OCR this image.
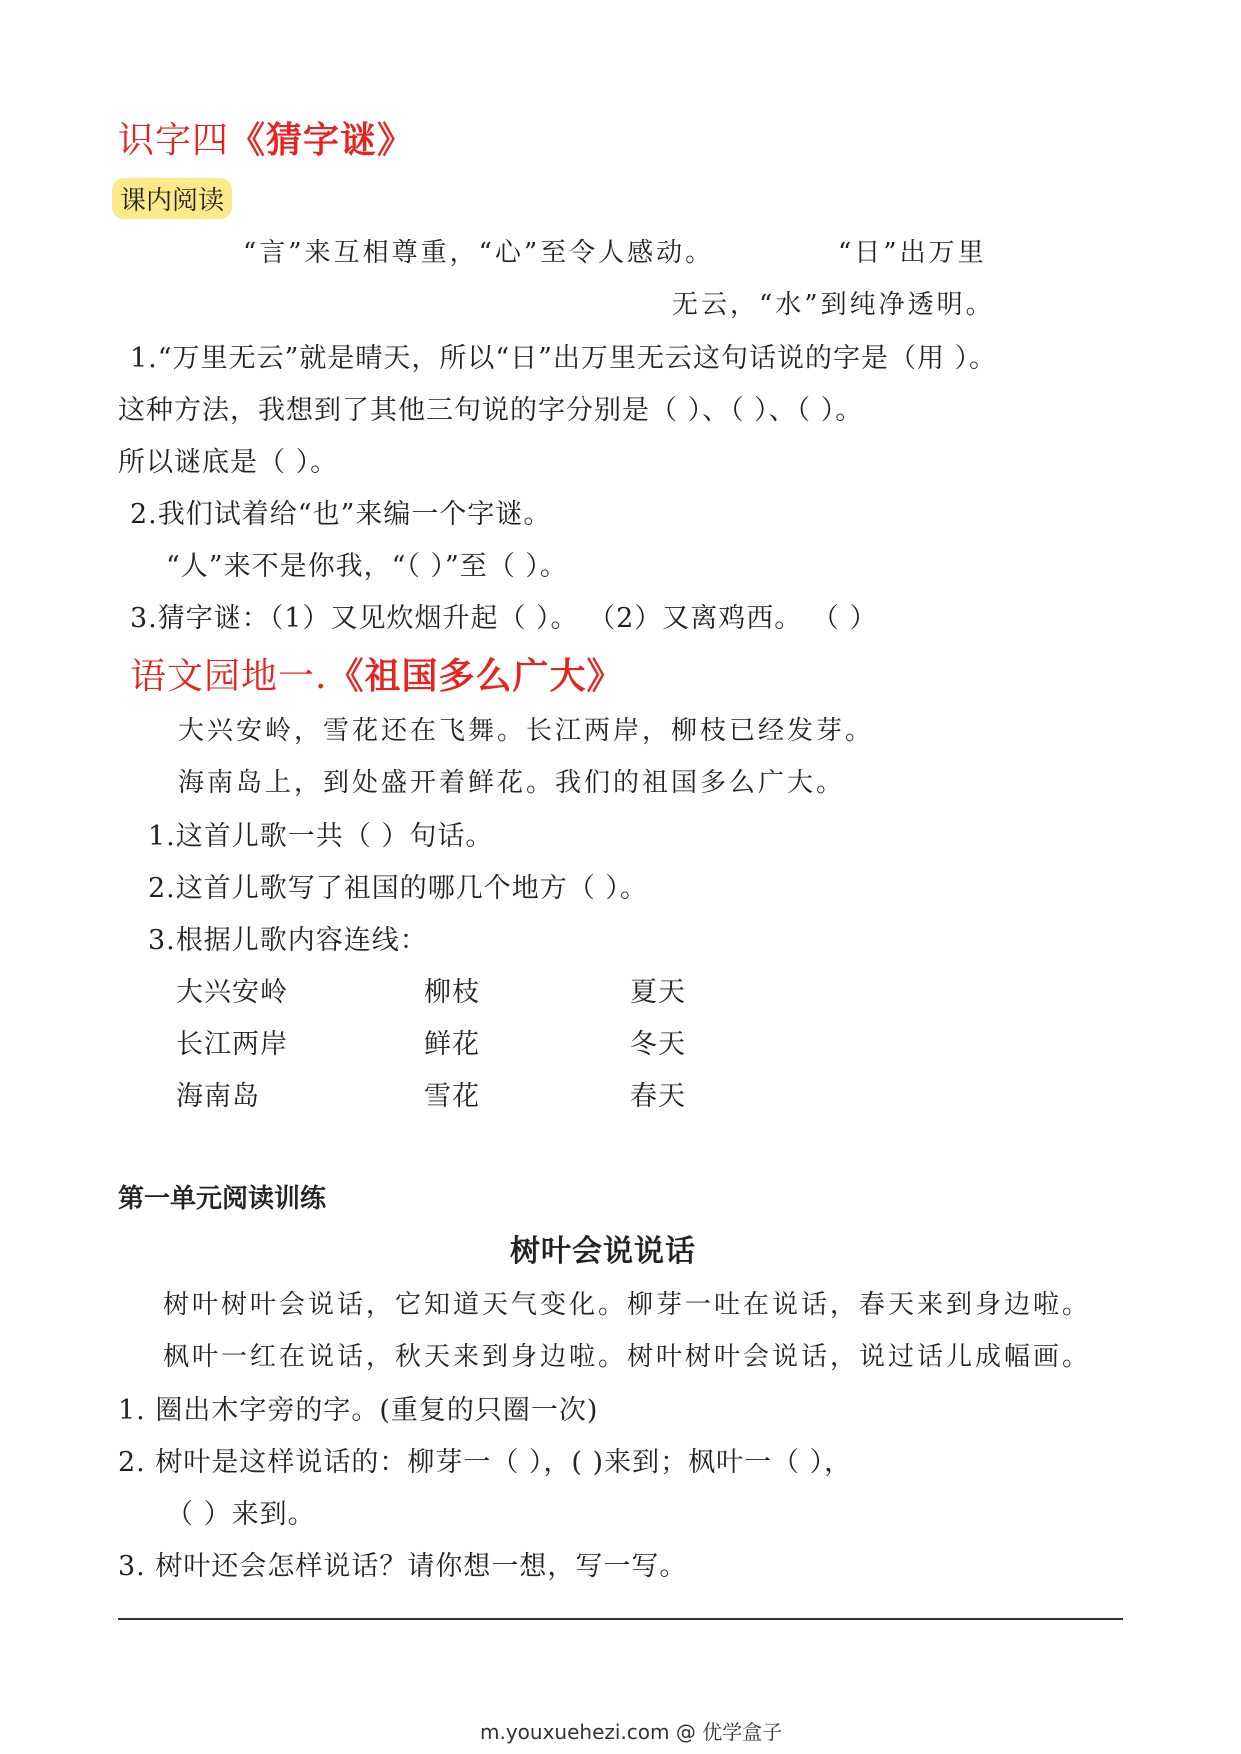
识字四《猜字谜》
课内阅读
“言”来互相尊重，“心”至令人感动。	“日”出万里
无云，“水”到纯净透明。
1.“万里无云”就是晴天，所以“日”出万里无云这句话说的字是（用 ）。
这种方法，我想到了其他三句说的字分别是（ ）、（ ）、（ ）。
所以谜底是（ ）。
2.我们试着给“也”来编一个字谜。
“人”来不是你我，“（ ）”至（ ）。
3.猜字谜：（1）又见炊烟升起（ ）。 （2）又离鸡西。 （ ）
语文园地一.《祖国多么广大》
大兴安岭，雪花还在飞舞。长江两岸，柳枝已经发芽。
海南岛上，到处盛开着鲜花。我们的祖国多么广大。
1.这首儿歌一共（ ）句话。
2.这首儿歌写了祖国的哪几个地方（ ）。
3.根据儿歌内容连线：
大兴安岭	柳枝	夏天
长江两岸	鲜花	冬天
海南岛	雪花	春天
第一单元阅读训练
树叶会说说话
树叶树叶会说话，它知道天气变化。柳芽一吐在说话，春天来到身边啦。
枫叶一红在说话，秋天来到身边啦。树叶树叶会说话，说过话儿成幅画。
1. 圈出木字旁的字。(重复的只圈一次)
2. 树叶是这样说话的：柳芽一（ ），( )来到；枫叶一（ ），
（ ）来到。
3. 树叶还会怎样说话？请你想一想，写一写。
m.youxuehezi.com @ 优学盒子
